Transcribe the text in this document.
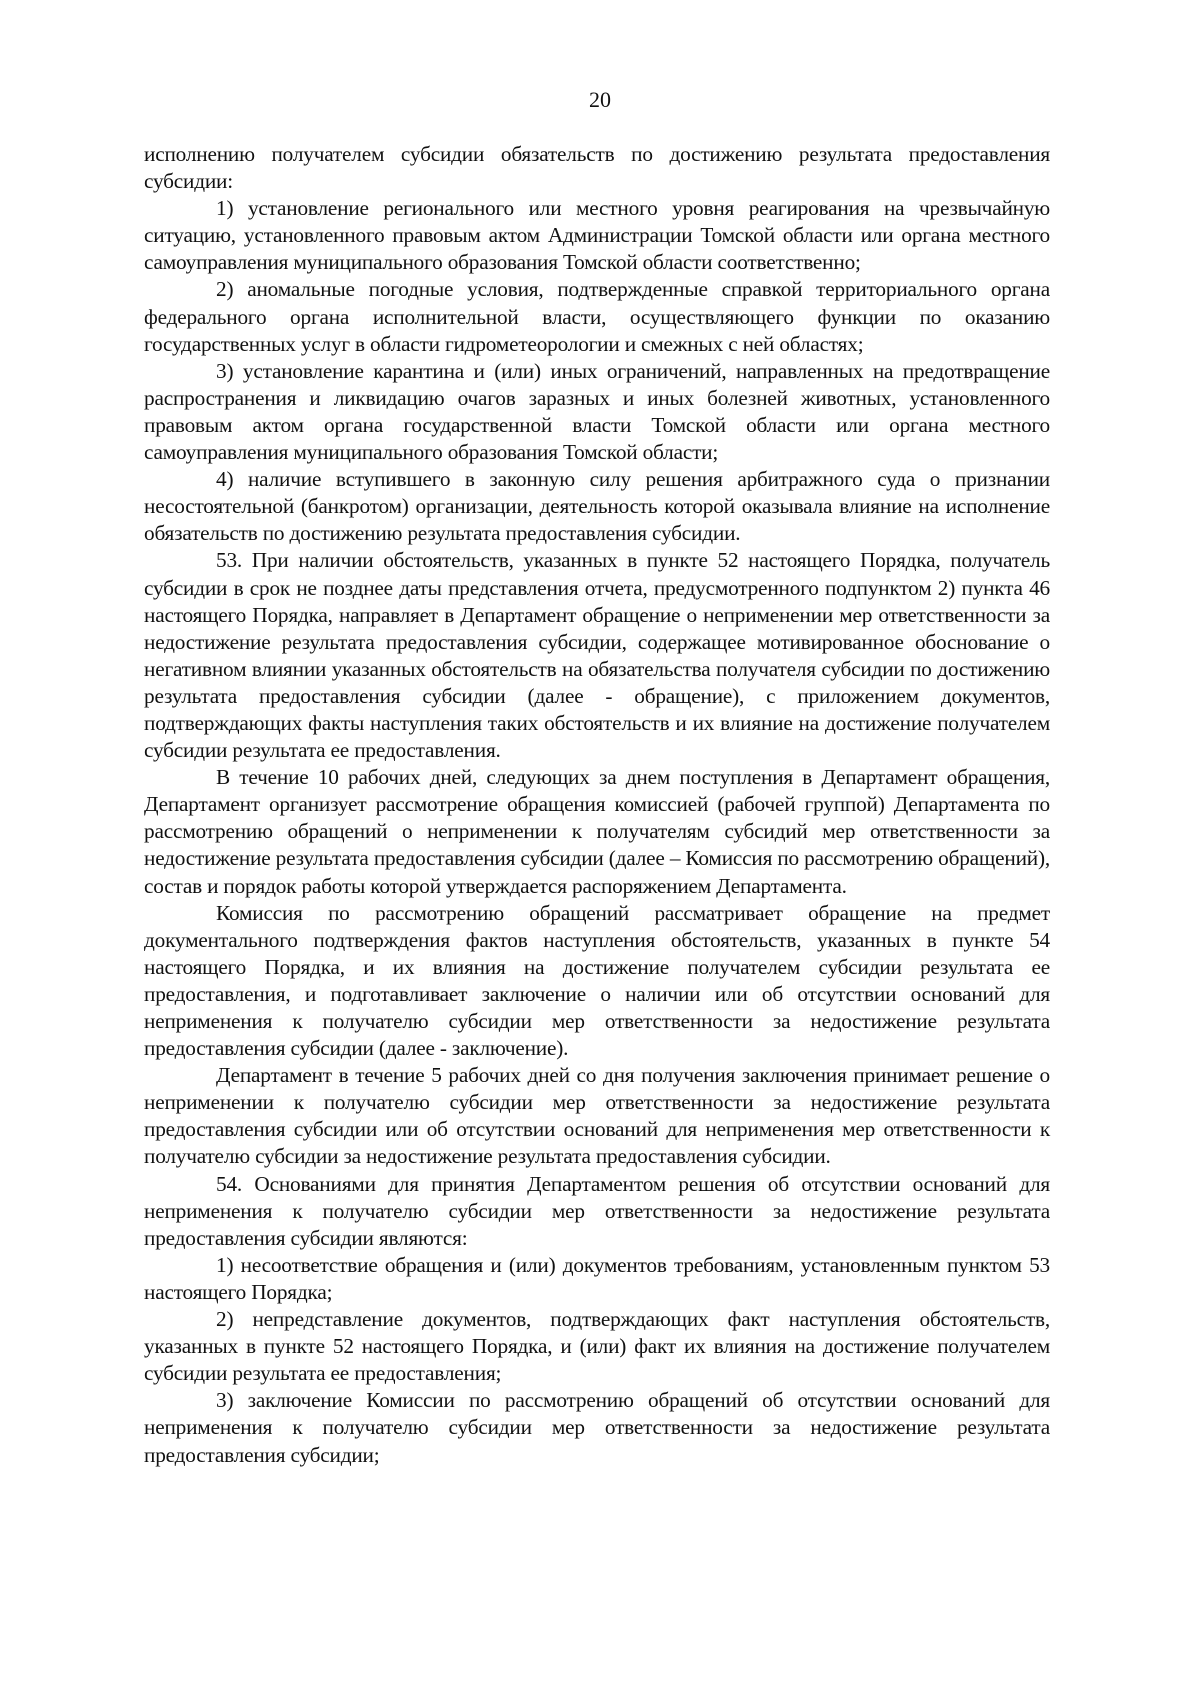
20

исполнению получателем субсидии обязательств по достижению результата предоставления субсидии:

1) установление регионального или местного уровня реагирования на чрезвычайную ситуацию, установленного правовым актом Администрации Томской области или органа местного самоуправления муниципального образования Томской области соответственно;

2) аномальные погодные условия, подтвержденные справкой территориального органа федерального органа исполнительной власти, осуществляющего функции по оказанию государственных услуг в области гидрометеорологии и смежных с ней областях;

3) установление карантина и (или) иных ограничений, направленных на предотвращение распространения и ликвидацию очагов заразных и иных болезней животных, установленного правовым актом органа государственной власти Томской области или органа местного самоуправления муниципального образования Томской области;

4) наличие вступившего в законную силу решения арбитражного суда о признании несостоятельной (банкротом) организации, деятельность которой оказывала влияние на исполнение обязательств по достижению результата предоставления субсидии.

53. При наличии обстоятельств, указанных в пункте 52 настоящего Порядка, получатель субсидии в срок не позднее даты представления отчета, предусмотренного подпунктом 2) пункта 46 настоящего Порядка, направляет в Департамент обращение о неприменении мер ответственности за недостижение результата предоставления субсидии, содержащее мотивированное обоснование о негативном влиянии указанных обстоятельств на обязательства получателя субсидии по достижению результата предоставления субсидии (далее - обращение), с приложением документов, подтверждающих факты наступления таких обстоятельств и их влияние на достижение получателем субсидии результата ее предоставления.

В течение 10 рабочих дней, следующих за днем поступления в Департамент обращения, Департамент организует рассмотрение обращения комиссией (рабочей группой) Департамента по рассмотрению обращений о неприменении к получателям субсидий мер ответственности за недостижение результата предоставления субсидии (далее – Комиссия по рассмотрению обращений), состав и порядок работы которой утверждается распоряжением Департамента.

Комиссия по рассмотрению обращений рассматривает обращение на предмет документального подтверждения фактов наступления обстоятельств, указанных в пункте 54 настоящего Порядка, и их влияния на достижение получателем субсидии результата ее предоставления, и подготавливает заключение о наличии или об отсутствии оснований для неприменения к получателю субсидии мер ответственности за недостижение результата предоставления субсидии (далее - заключение).

Департамент в течение 5 рабочих дней со дня получения заключения принимает решение о неприменении к получателю субсидии мер ответственности за недостижение результата предоставления субсидии или об отсутствии оснований для неприменения мер ответственности к получателю субсидии за недостижение результата предоставления субсидии.

54. Основаниями для принятия Департаментом решения об отсутствии оснований для неприменения к получателю субсидии мер ответственности за недостижение результата предоставления субсидии являются:

1) несоответствие обращения и (или) документов требованиям, установленным пунктом 53 настоящего Порядка;

2) непредставление документов, подтверждающих факт наступления обстоятельств, указанных в пункте 52 настоящего Порядка, и (или) факт их влияния на достижение получателем субсидии результата ее предоставления;

3) заключение Комиссии по рассмотрению обращений об отсутствии оснований для неприменения к получателю субсидии мер ответственности за недостижение результата предоставления субсидии;
